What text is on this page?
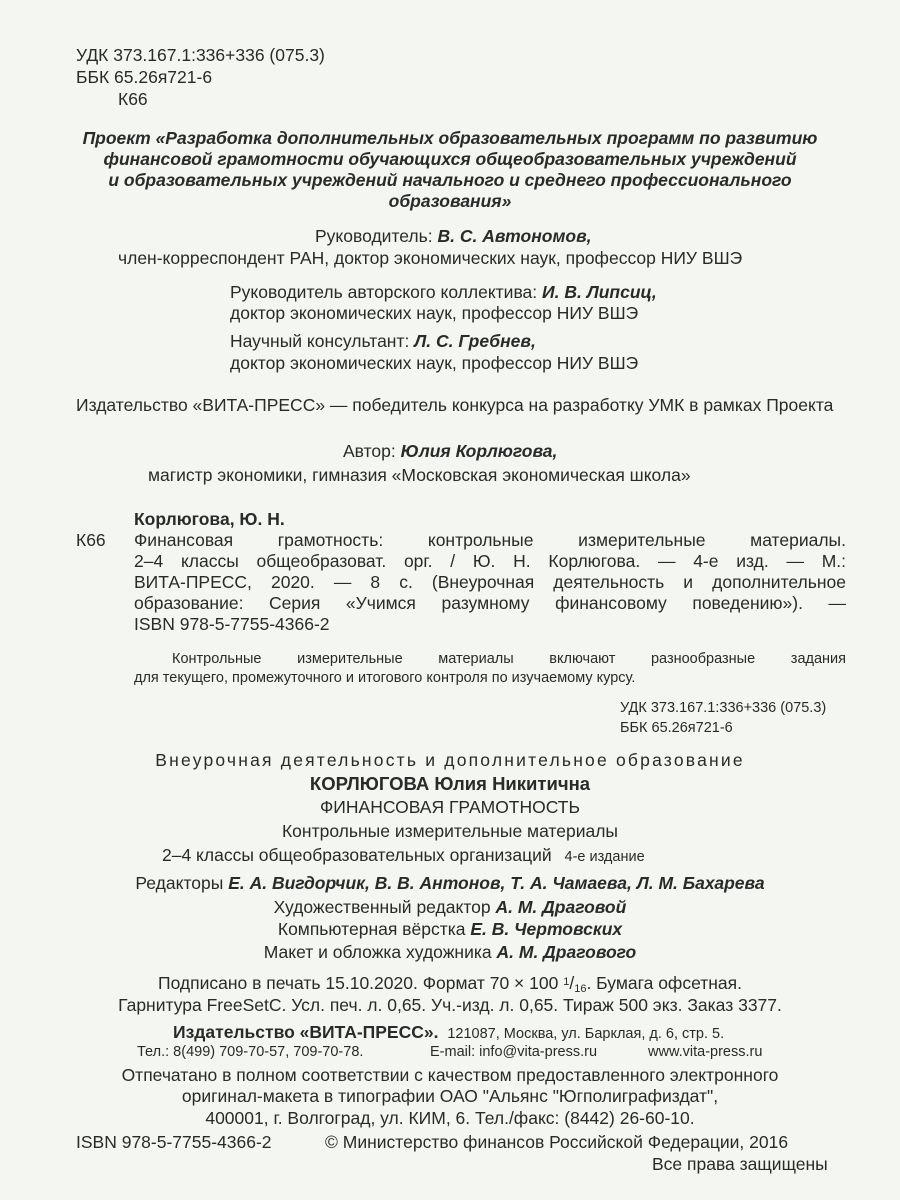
УДК 373.167.1:336+336 (075.3)
ББК 65.26я721-6
К66
Проект «Разработка дополнительных образовательных программ по развитию
финансовой грамотности обучающихся общеобразовательных учреждений
и образовательных учреждений начального и среднего профессионального
образования»
Руководитель: В. С. Автономов,
член-корреспондент РАН, доктор экономических наук, профессор НИУ ВШЭ
Руководитель авторского коллектива: И. В. Липсиц,
доктор экономических наук, профессор НИУ ВШЭ
Научный консультант: Л. С. Гребнев,
доктор экономических наук, профессор НИУ ВШЭ
Издательство «ВИТА-ПРЕСС» — победитель конкурса на разработку УМК в рамках Проекта
Автор: Юлия Корлюгова,
магистр экономики, гимназия «Московская экономическая школа»
Корлюгова, Ю. Н.
К66 Финансовая грамотность: контрольные измерительные материалы.
2–4 классы общеобразоват. орг. / Ю. Н. Корлюгова. — 4-е изд. — М.:
ВИТА-ПРЕСС, 2020. — 8 с. (Внеурочная деятельность и дополнительное
образование: Серия «Учимся разумному финансовому поведению»). —
ISBN 978-5-7755-4366-2
Контрольные измерительные материалы включают разнообразные задания
для текущего, промежуточного и итогового контроля по изучаемому курсу.
УДК 373.167.1:336+336 (075.3)
ББК 65.26я721-6
Внеурочная деятельность и дополнительное образование
КОРЛЮГОВА Юлия Никитична
ФИНАНСОВАЯ ГРАМОТНОСТЬ
Контрольные измерительные материалы
2–4 классы общеобразовательных организаций 4-е издание
Редакторы Е. А. Вигдорчик, В. В. Антонов, Т. А. Чамаева, Л. М. Бахарева
Художественный редактор А. М. Драговой
Компьютерная вёрстка Е. В. Чертовских
Макет и обложка художника А. М. Драгового
Подписано в печать 15.10.2020. Формат 70 × 100 $^1$/16. Бумага офсетная.
Гарнитура FreeSetC. Усл. печ. л. 0,65. Уч.-изд. л. 0,65. Тираж 500 экз. Заказ 3377.
Издательство «ВИТА-ПРЕСС». 121087, Москва, ул. Барклая, д. 6, стр. 5.
Тел.: 8(499) 709-70-57, 709-70-78.	E-mail: info@vita-press.ru	www.vita-press.ru
Отпечатано в полном соответствии с качеством предоставленного электронного
оригинал-макета в типографии ОАО "Альянс "Югполиграфиздат",
400001, г. Волгоград, ул. КИМ, 6. Тел./факс: (8442) 26-60-10.
ISBN 978-5-7755-4366-2	© Министерство финансов Российской Федерации, 2016
Все права защищены
